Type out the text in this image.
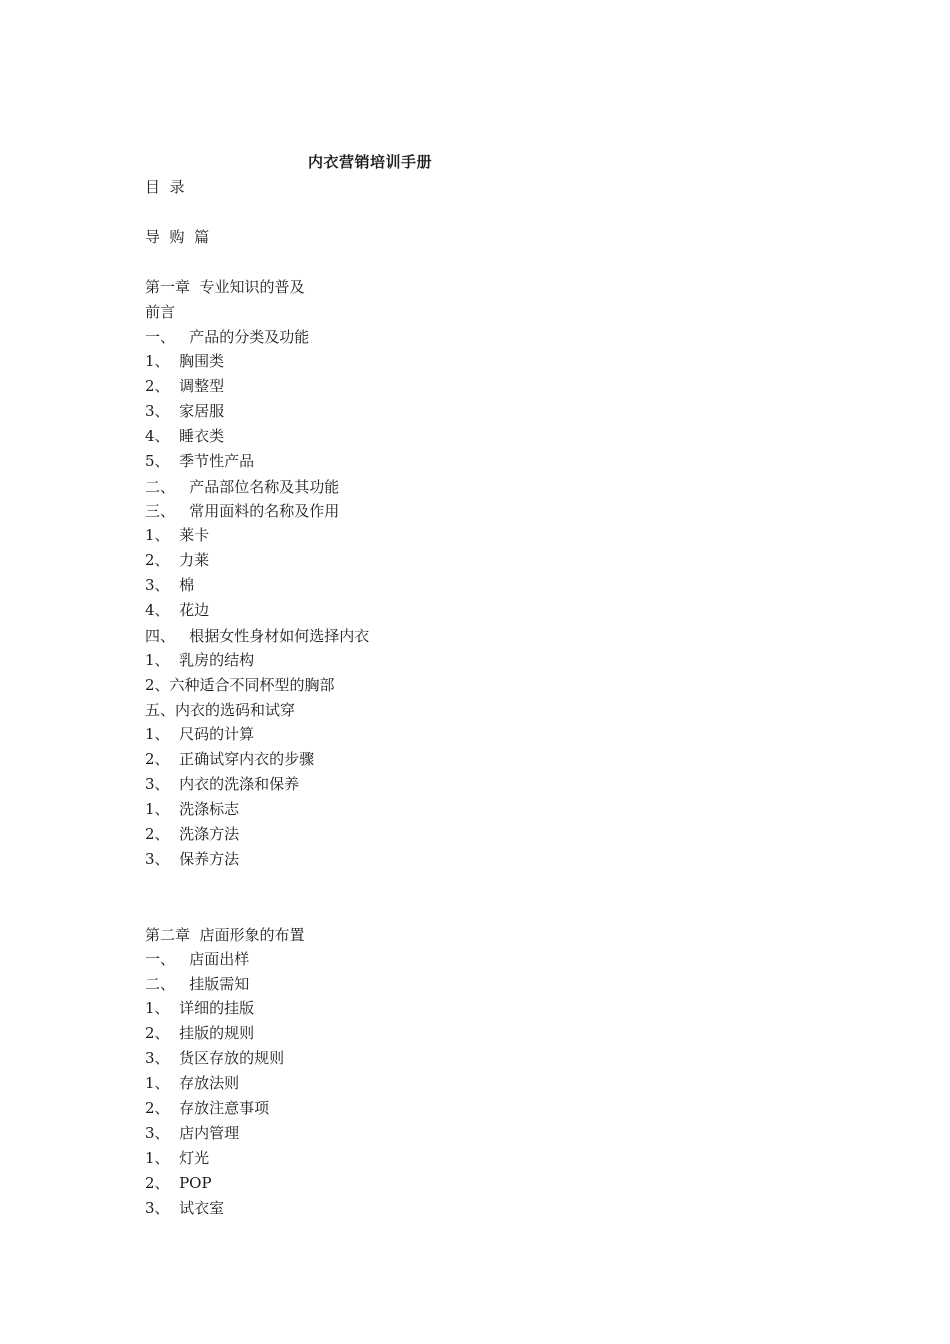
内衣营销培训手册
目  录
导  购  篇
第一章  专业知识的普及
前言
一、   产品的分类及功能
1、  胸围类
2、  调整型
3、  家居服
4、  睡衣类
5、  季节性产品
二、   产品部位名称及其功能
三、   常用面料的名称及作用
1、  莱卡
2、  力莱
3、  棉
4、  花边
四、   根据女性身材如何选择内衣
1、  乳房的结构
2、六种适合不同杯型的胸部
五、内衣的选码和试穿
1、  尺码的计算
2、  正确试穿内衣的步骤
3、  内衣的洗涤和保养
1、  洗涤标志
2、  洗涤方法
3、  保养方法
第二章  店面形象的布置
一、   店面出样
二、   挂版需知
1、  详细的挂版
2、  挂版的规则
3、  货区存放的规则
1、  存放法则
2、  存放注意事项
3、  店内管理
1、  灯光
2、  POP
3、  试衣室
